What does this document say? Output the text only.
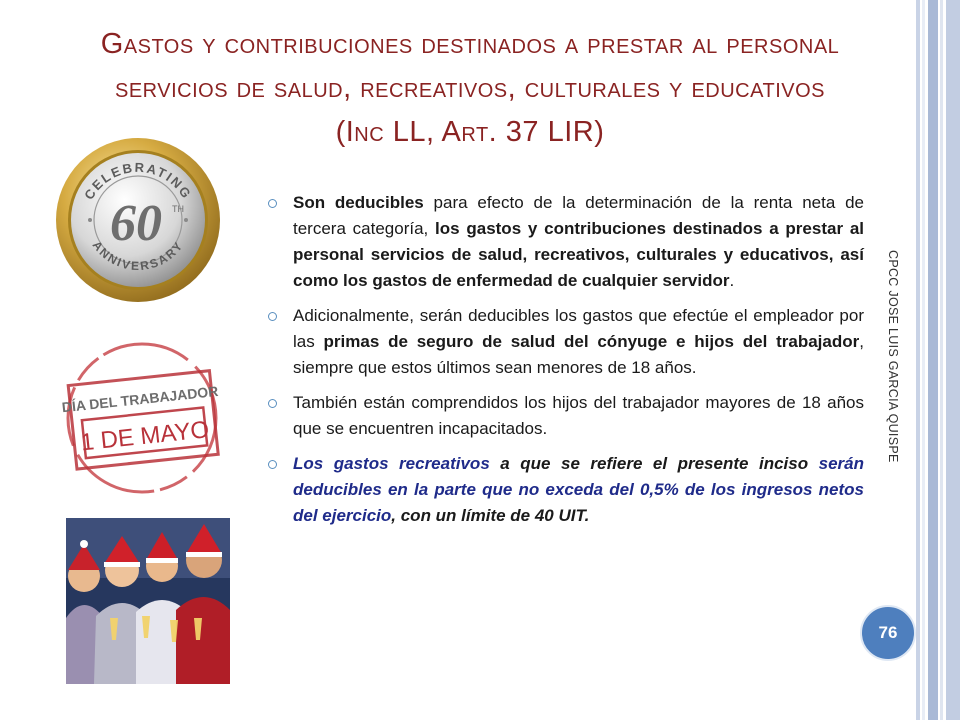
Gastos y contribuciones destinados a prestar al personal
servicios de salud, recreativos, culturales y educativos
(Inc LL, Art. 37 LIR)
CELEBRATING
ANNIVERSARY
60 TH
DÍA DEL TRABAJADOR
1 DE MAYO
Son deducibles para efecto de la determinación de la renta neta de tercera categoría, los gastos y contribuciones destinados a prestar al personal servicios de salud, recreativos, culturales y educativos, así como los gastos de enfermedad de cualquier servidor.
Adicionalmente, serán deducibles los gastos que efectúe el empleador por las primas de seguro de salud del cónyuge e hijos del trabajador, siempre que estos últimos sean menores de 18 años.
También están comprendidos los hijos del trabajador mayores de 18 años que se encuentren incapacitados.
Los gastos recreativos a que se refiere el presente inciso serán deducibles en la parte que no exceda del 0,5% de los ingresos netos del ejercicio, con un límite de 40 UIT.
CPCC JOSE LUIS GARCIA QUISPE
76
